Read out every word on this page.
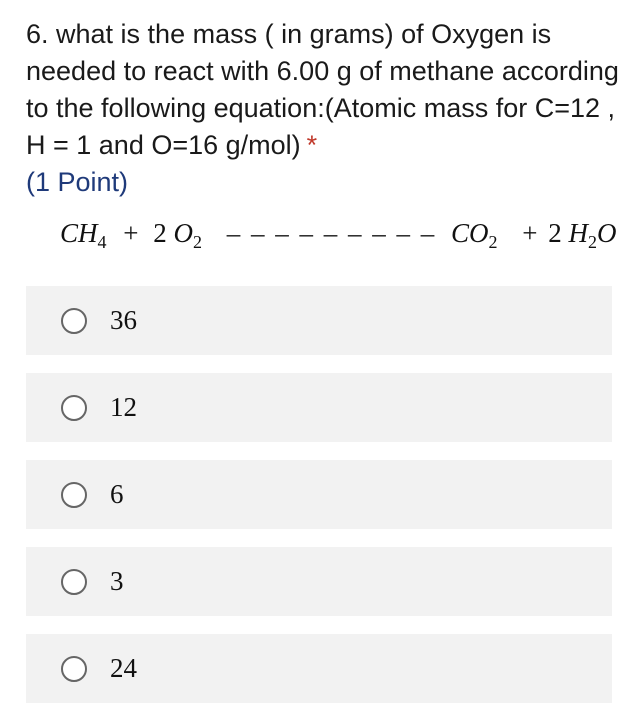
6. what is the mass ( in grams) of Oxygen is needed to react with 6.00 g of methane according to the following equation:(Atomic mass for C=12 , H = 1 and O=16 g/mol) *
(1 Point)
$CH_4 + 2$ $O_2$ – – – – – – – – – $CO_2 + 2$ $H_2O$
36
12
6
3
24
